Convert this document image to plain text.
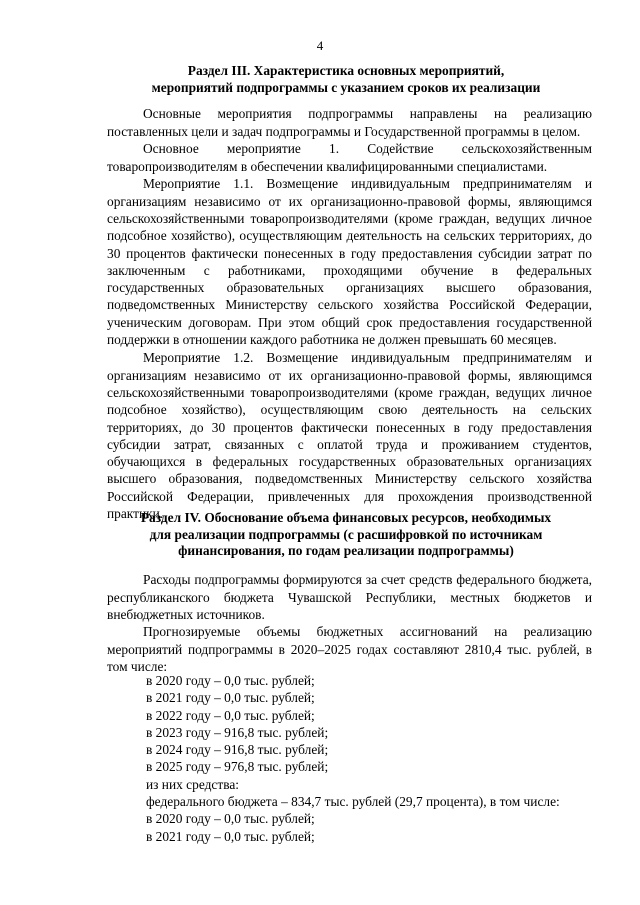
4
Раздел III. Характеристика основных мероприятий,
мероприятий подпрограммы с указанием сроков их реализации

Основные мероприятия подпрограммы направлены на реализацию поставленных цели и задач подпрограммы и Государственной программы в целом.

Основное мероприятие 1. Содействие сельскохозяйственным товаропроизводителям в обеспечении квалифицированными специалистами.

Мероприятие 1.1. Возмещение индивидуальным предпринимателям и организациям независимо от их организационно-правовой формы, являющимся сельскохозяйственными товаропроизводителями (кроме граждан, ведущих личное подсобное хозяйство), осуществляющим деятельность на сельских территориях, до 30 процентов фактически понесенных в году предоставления субсидии затрат по заключенным с работниками, проходящими обучение в федеральных государственных образовательных организациях высшего образования, подведомственных Министерству сельского хозяйства Российской Федерации, ученическим договорам. При этом общий срок предоставления государственной поддержки в отношении каждого работника не должен превышать 60 месяцев.

Мероприятие 1.2. Возмещение индивидуальным предпринимателям и организациям независимо от их организационно-правовой формы, являющимся сельскохозяйственными товаропроизводителями (кроме граждан, ведущих личное подсобное хозяйство), осуществляющим свою деятельность на сельских территориях, до 30 процентов фактически понесенных в году предоставления субсидии затрат, связанных с оплатой труда и проживанием студентов, обучающихся в федеральных государственных образовательных организациях высшего образования, подведомственных Министерству сельского хозяйства Российской Федерации, привлеченных для прохождения производственной практики.

Раздел IV. Обоснование объема финансовых ресурсов, необходимых
для реализации подпрограммы (с расшифровкой по источникам
финансирования, по годам реализации подпрограммы)

Расходы подпрограммы формируются за счет средств федерального бюджета, республиканского бюджета Чувашской Республики, местных бюджетов и внебюджетных источников.

Прогнозируемые объемы бюджетных ассигнований на реализацию мероприятий подпрограммы в 2020–2025 годах составляют 2810,4 тыс. рублей, в том числе:

в 2020 году – 0,0 тыс. рублей;
в 2021 году – 0,0 тыс. рублей;
в 2022 году – 0,0 тыс. рублей;
в 2023 году – 916,8 тыс. рублей;
в 2024 году – 916,8 тыс. рублей;
в 2025 году – 976,8 тыс. рублей;
из них средства:
федерального бюджета – 834,7 тыс. рублей (29,7 процента), в том числе:
в 2020 году – 0,0 тыс. рублей;
в 2021 году – 0,0 тыс. рублей;
